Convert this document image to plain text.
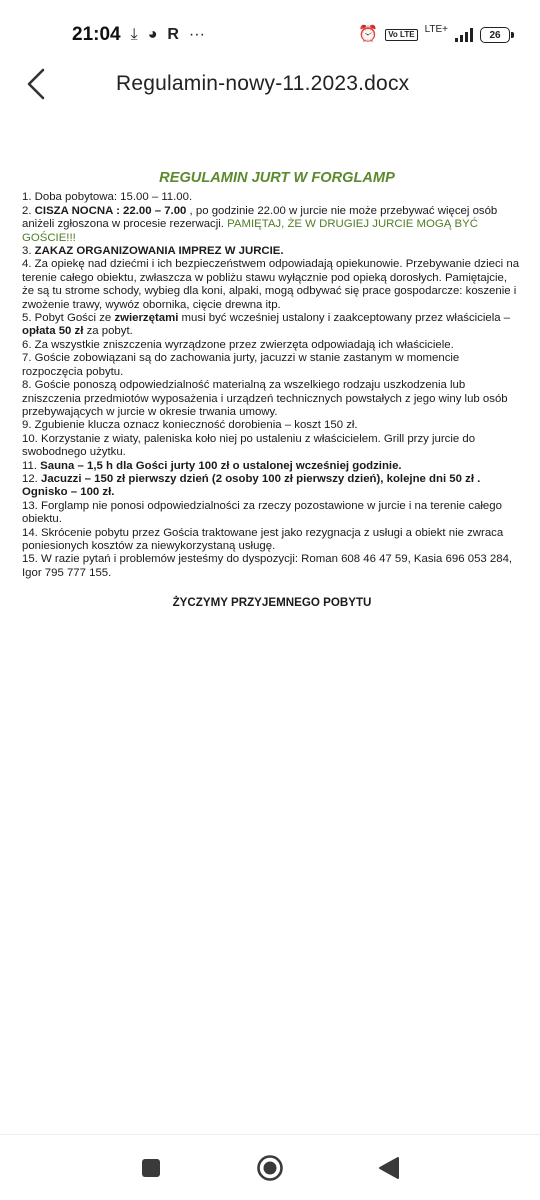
21:04 ⤓ ◕ R ···	⏰	Vo LTE	LTE+	26
Regulamin-nowy-11.2023.docx
REGULAMIN JURT W FORGLAMP

1. Doba pobytowa: 15.00 – 11.00.

2. CISZA NOCNA : 22.00 – 7.00 , po godzinie 22.00 w jurcie nie może przebywać więcej osób aniżeli zgłoszona w procesie rezerwacji. PAMIĘTAJ, ŻE W DRUGIEJ JURCIE MOGĄ BYĆ GOŚCIE!!!

3. ZAKAZ ORGANIZOWANIA IMPREZ W JURCIE.

4. Za opiekę nad dziećmi i ich bezpieczeństwem odpowiadają opiekunowie. Przebywanie dzieci na terenie całego obiektu, zwłaszcza w pobliżu stawu wyłącznie pod opieką dorosłych. Pamiętajcie, że są tu strome schody, wybieg dla koni, alpaki, mogą odbywać się prace gospodarcze: koszenie i zwożenie trawy, wywóz obornika, cięcie drewna itp.

5. Pobyt Gości ze zwierzętami musi być wcześniej ustalony i zaakceptowany przez właściciela – opłata 50 zł za pobyt.

6. Za wszystkie zniszczenia wyrządzone przez zwierzęta odpowiadają ich właściciele.

7. Goście zobowiązani są do zachowania jurty, jacuzzi w stanie zastanym w momencie rozpoczęcia pobytu.

8. Goście ponoszą odpowiedzialność materialną za wszelkiego rodzaju uszkodzenia lub zniszczenia przedmiotów wyposażenia i urządzeń technicznych powstałych z jego winy lub osób przebywających w jurcie w okresie trwania umowy.

9. Zgubienie klucza oznacz konieczność dorobienia – koszt 150 zł.

10. Korzystanie z wiaty, paleniska koło niej po ustaleniu z właścicielem. Grill przy jurcie do swobodnego użytku.

11. Sauna – 1,5 h dla Gości jurty 100 zł o ustalonej wcześniej godzinie.

12. Jacuzzi – 150 zł pierwszy dzień (2 osoby 100 zł pierwszy dzień), kolejne dni 50 zł . Ognisko – 100 zł.

13. Forglamp nie ponosi odpowiedzialności za rzeczy pozostawione w jurcie i na terenie całego obiektu.

14. Skrócenie pobytu przez Gościa traktowane jest jako rezygnacja z usługi a obiekt nie zwraca poniesionych kosztów za niewykorzystaną usługę.

15. W razie pytań i problemów jesteśmy do dyspozycji: Roman 608 46 47 59, Kasia 696 053 284, Igor 795 777 155.

ŻYCZYMY PRZYJEMNEGO POBYTU
